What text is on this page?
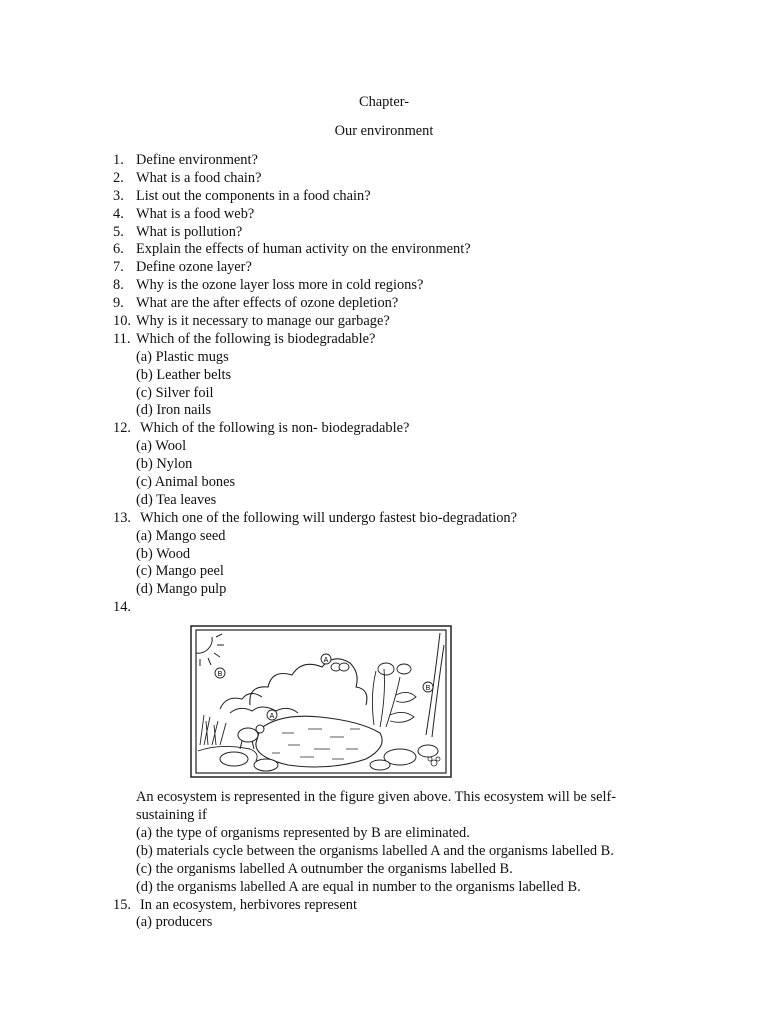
Chapter-
Our environment
1. Define environment?
2. What is a food chain?
3. List out the components in a food chain?
4. What is a food web?
5. What is pollution?
6. Explain the effects of human activity on the environment?
7. Define ozone layer?
8. Why is the ozone layer loss more in cold regions?
9. What are the after effects of ozone depletion?
10. Why is it necessary to manage our garbage?
11. Which of the following is biodegradable?
(a) Plastic mugs
(b) Leather belts
(c) Silver foil
(d) Iron nails
12. Which of the following is non- biodegradable?
(a) Wool
(b) Nylon
(c) Animal bones
(d) Tea leaves
13. Which one of the following will undergo fastest bio-degradation?
(a) Mango seed
(b) Wood
(c) Mango peel
(d) Mango pulp
14.
B
A
B
A
An ecosystem is represented in the figure given above. This ecosystem will be self-sustaining if
(a) the type of organisms represented by B are eliminated.
(b) materials cycle between the organisms labelled A and the organisms labelled B.
(c) the organisms labelled A outnumber the organisms labelled B.
(d) the organisms labelled A are equal in number to the organisms labelled B.
15. In an ecosystem, herbivores represent
(a) producers
